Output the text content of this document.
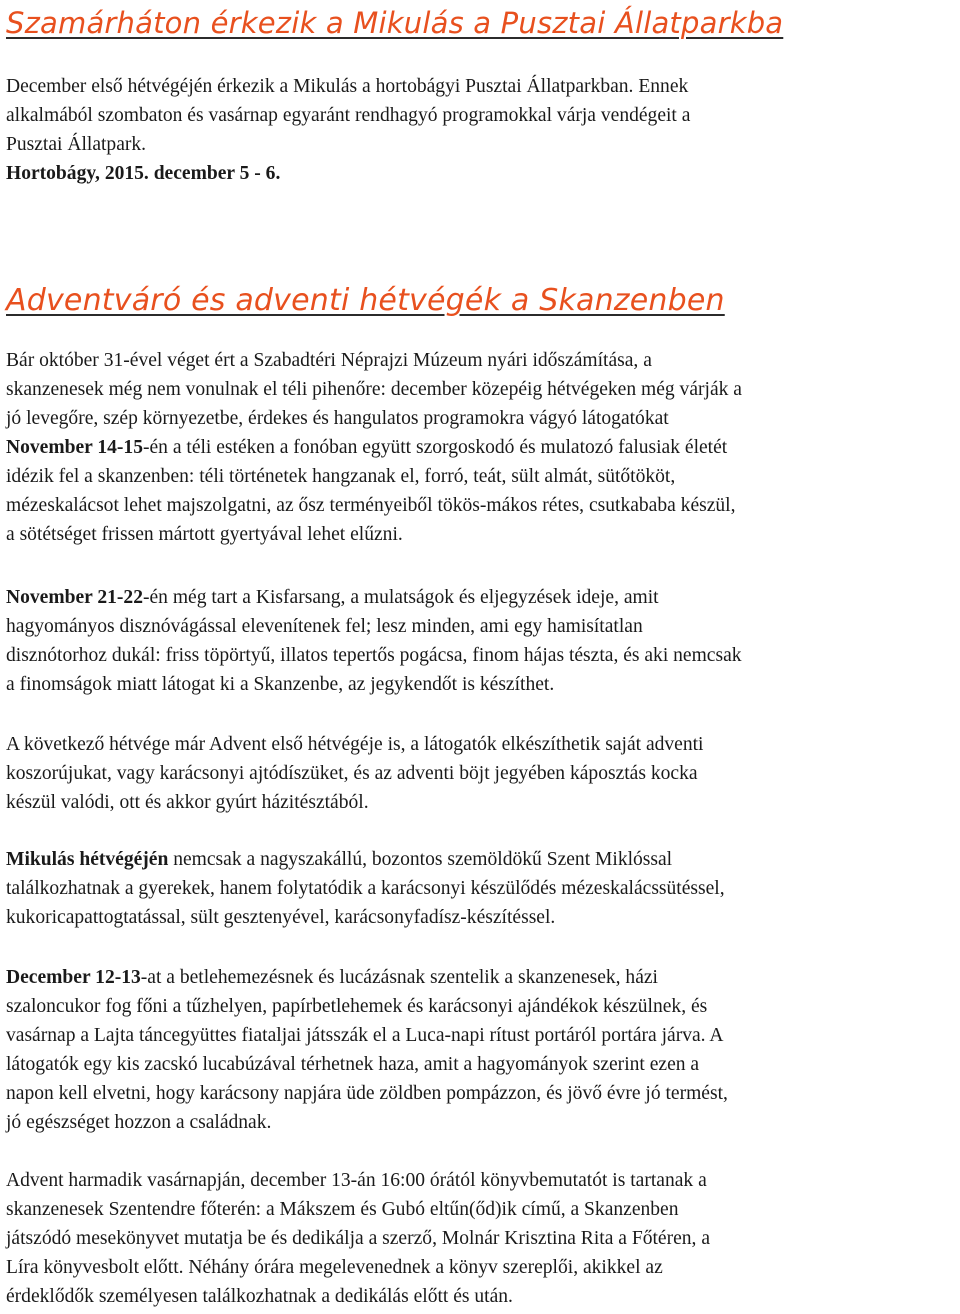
Szamárháton érkezik a Mikulás a Pusztai Állatparkba
December első hétvégéjén érkezik a Mikulás a hortobágyi Pusztai Állatparkban. Ennek
alkalmából szombaton és vasárnap egyaránt rendhagyó programokkal várja vendégeit a
Pusztai Állatpark.
Hortobágy, 2015. december 5 - 6.
Adventváró és adventi hétvégék a Skanzenben
Bár október 31-ével véget ért a Szabadtéri Néprajzi Múzeum nyári időszámítása, a
skanzenesek még nem vonulnak el téli pihenőre: december közepéig hétvégeken még várják a
jó levegőre, szép környezetbe, érdekes és hangulatos programokra vágyó látogatókat
November 14-15-én a téli estéken a fonóban együtt szorgoskodó és mulatozó falusiak életét
idézik fel a skanzenben: téli történetek hangzanak el, forró, teát, sült almát, sütőtököt,
mézeskalácsot lehet majszolgatni, az ősz terményeiből tökös-mákos rétes, csutkababa készül,
a sötétséget frissen mártott gyertyával lehet elűzni.
November 21-22-én még tart a Kisfarsang, a mulatságok és eljegyzések ideje, amit
hagyományos disznóvágással elevenítenek fel; lesz minden, ami egy hamisítatlan
disznótorhoz dukál: friss töpörtyű, illatos tepertős pogácsa, finom hájas tészta, és aki nemcsak
a finomságok miatt látogat ki a Skanzenbe, az jegykendőt is készíthet.
A következő hétvége már Advent első hétvégéje is, a látogatók elkészíthetik saját adventi
koszorújukat, vagy karácsonyi ajtódíszüket, és az adventi böjt jegyében káposztás kocka
készül valódi, ott és akkor gyúrt házitésztából.
Mikulás hétvégéjén nemcsak a nagyszakállú, bozontos szemöldökű Szent Miklóssal
találkozhatnak a gyerekek, hanem folytatódik a karácsonyi készülődés mézeskalácssütéssel,
kukoricapattogtatással, sült gesztenyével, karácsonyfadísz-készítéssel.
December 12-13-at a betlehemezésnek és lucázásnak szentelik a skanzenesek, házi
szaloncukor fog főni a tűzhelyen, papírbetlehemek és karácsonyi ajándékok készülnek, és
vasárnap a Lajta táncegyüttes fiataljai játsszák el a Luca-napi rítust portáról portára járva. A
látogatók egy kis zacskó lucabúzával térhetnek haza, amit a hagyományok szerint ezen a
napon kell elvetni, hogy karácsony napjára üde zöldben pompázzon, és jövő évre jó termést,
jó egészséget hozzon a családnak.
Advent harmadik vasárnapján, december 13-án 16:00 órától könyvbemutatót is tartanak a
skanzenesek Szentendre főterén: a Mákszem és Gubó eltűn(őd)ik című, a Skanzenben
játszódó mesekönyvet mutatja be és dedikálja a szerző, Molnár Krisztina Rita a Főtéren, a
Líra könyvesbolt előtt. Néhány órára megelevenednek a könyv szereplői, akikkel az
érdeklődők személyesen találkozhatnak a dedikálás előtt és után.
